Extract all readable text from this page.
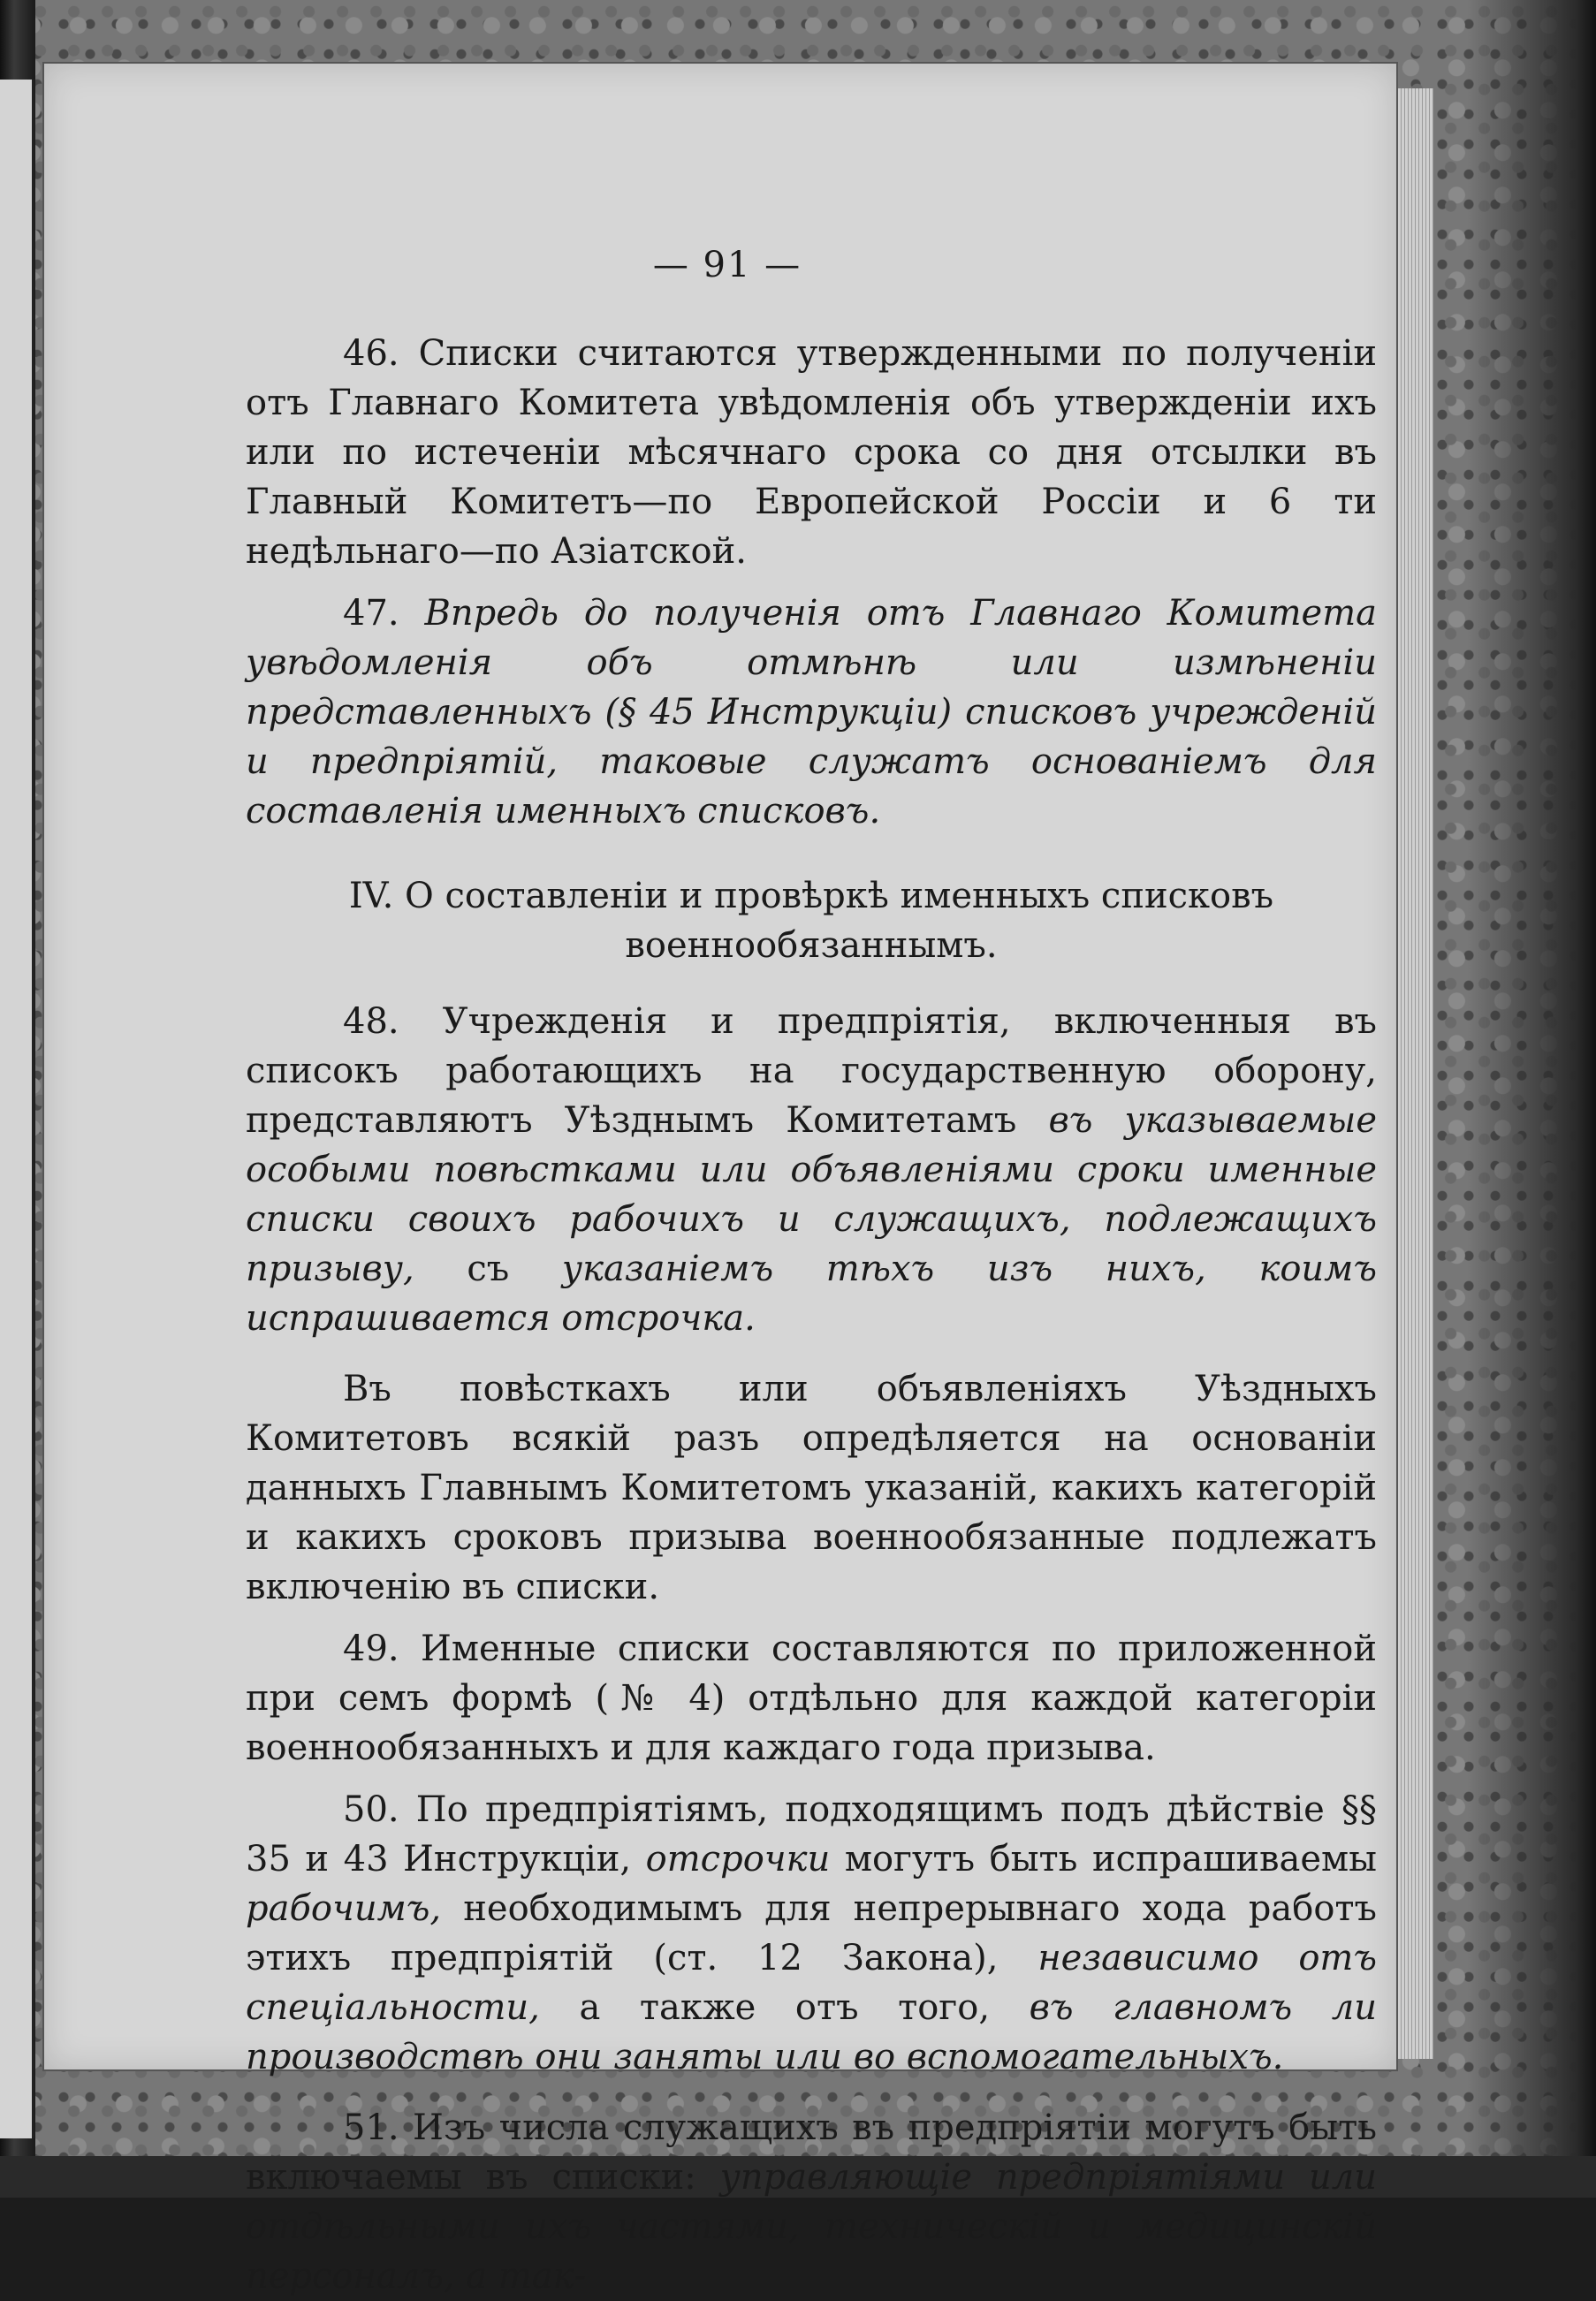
— 91 —

46. Списки считаются утвержденными по полученіи отъ Главнаго Комитета увѣдомленія объ утвержденіи ихъ или по истеченіи мѣсячнаго срока со дня отсылки въ Главный Комитетъ—по Европейской Россіи и 6 ти недѣльнаго—по Азіатской.

47. Впредь до полученія отъ Главнаго Комитета увѣдомленія объ отмѣнѣ или измѣненіи представленныхъ (§ 45 Инструкціи) списковъ учрежденій и предпріятій, таковые служатъ основаніемъ для составленія именныхъ списковъ.

IV. О составленіи и провѣркѣ именныхъ списковъ военнообязаннымъ.

48. Учрежденія и предпріятія, включенныя въ списокъ работающихъ на государственную оборону, представляютъ Уѣзднымъ Комитетамъ въ указываемые особыми повѣстками или объявленіями сроки именные списки своихъ рабочихъ и служащихъ, подлежащихъ призыву, съ указаніемъ тѣхъ изъ нихъ, коимъ испрашивается отсрочка.

Въ повѣсткахъ или объявленіяхъ Уѣздныхъ Комитетовъ всякій разъ опредѣляется на основаніи данныхъ Главнымъ Комитетомъ указаній, какихъ категорій и какихъ сроковъ призыва военнообязанные подлежатъ включенію въ списки.

49. Именные списки составляются по приложенной при семъ формѣ (№ 4) отдѣльно для каждой категоріи военнообязанныхъ и для каждаго года призыва.

50. По предпріятіямъ, подходящимъ подъ дѣйствіе §§ 35 и 43 Инструкціи, отсрочки могутъ быть испрашиваемы рабочимъ, необходимымъ для непрерывнаго хода работъ этихъ предпріятій (ст. 12 Закона), независимо отъ спеціальности, а также отъ того, въ главномъ ли производствѣ они заняты или во вспомогательныхъ.

51. Изъ числа служащихъ въ предпріятіи могутъ быть включаемы въ списки: управляющіе предпріятіями или отдѣльными ихъ частями, техническій и медицинскій персоналъ, а так-
